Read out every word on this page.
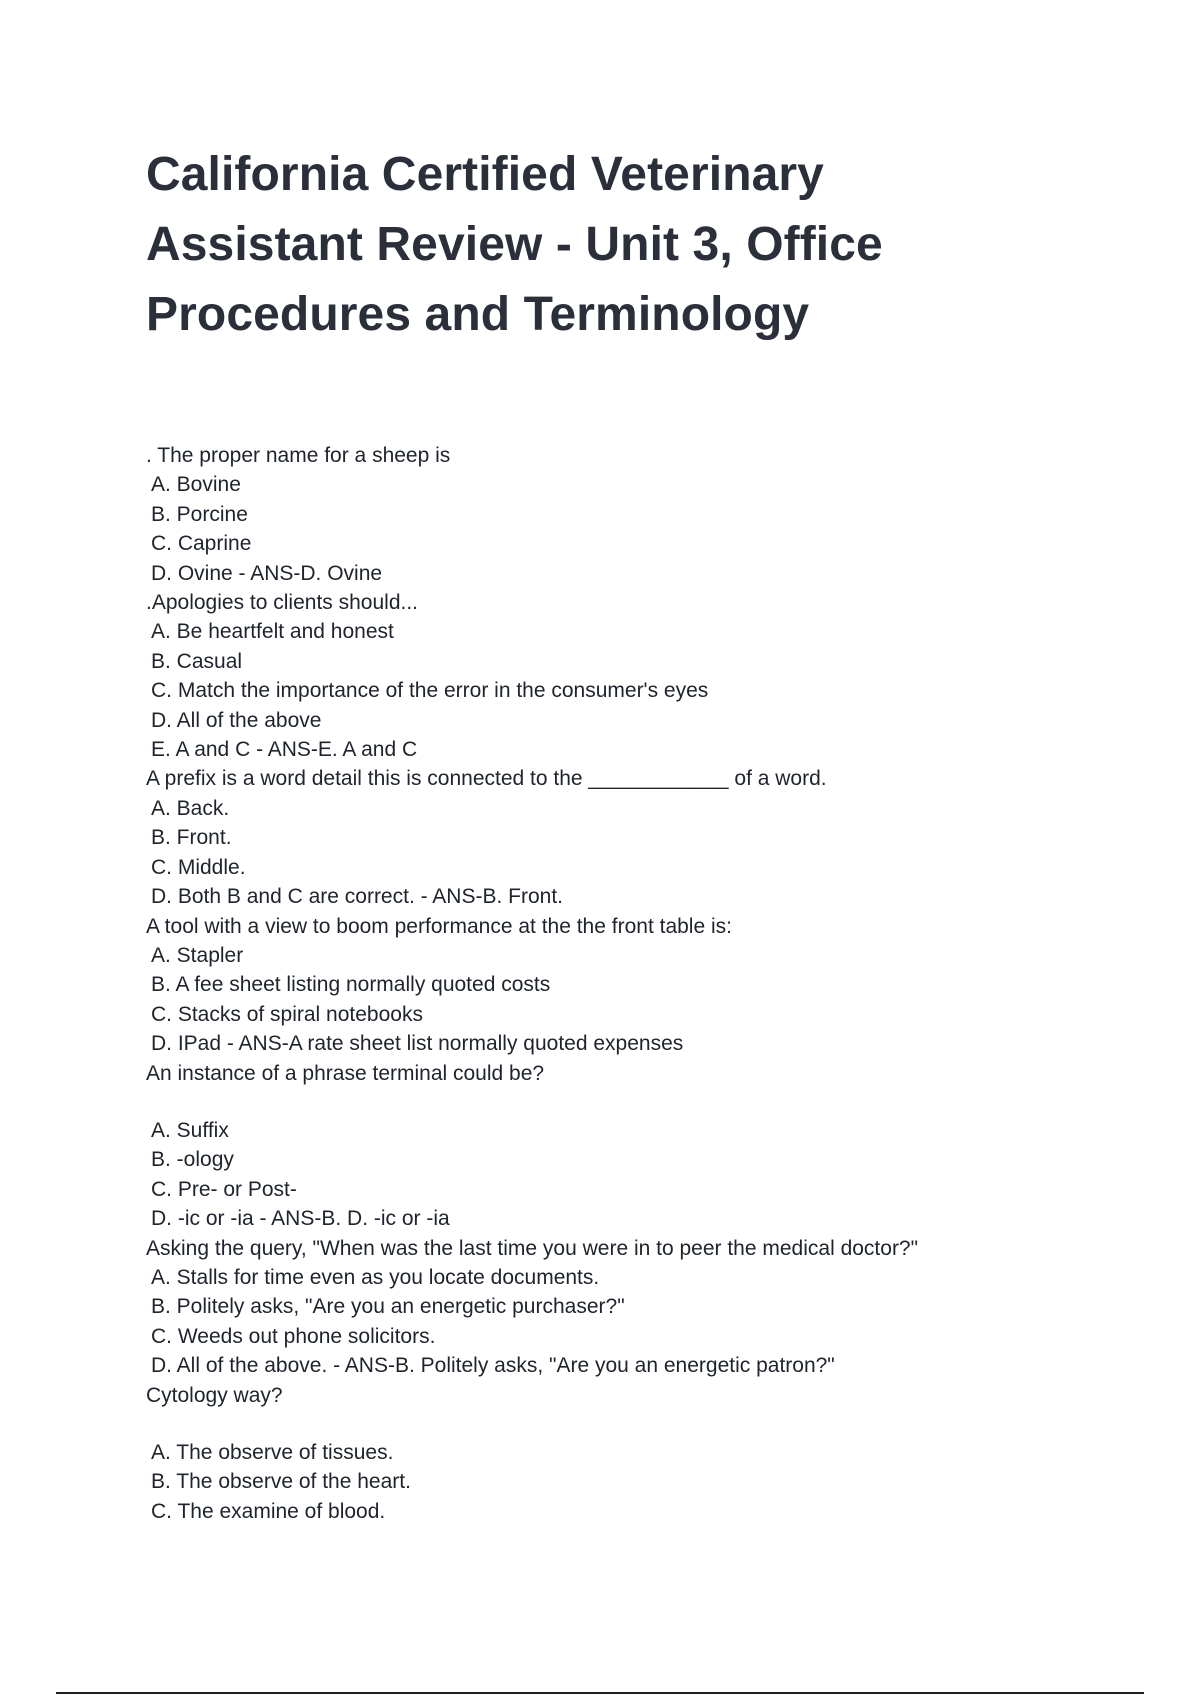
California Certified Veterinary
Assistant Review - Unit 3, Office
Procedures and Terminology
. The proper name for a sheep is
A. Bovine
B. Porcine
C. Caprine
D. Ovine - ANS-D. Ovine
.Apologies to clients should...
A. Be heartfelt and honest
B. Casual
C. Match the importance of the error in the consumer's eyes
D. All of the above
E. A and C - ANS-E. A and C
A prefix is a word detail this is connected to the ____________ of a word.
A. Back.
B. Front.
C. Middle.
D. Both B and C are correct. - ANS-B. Front.
A tool with a view to boom performance at the the front table is:
A. Stapler
B. A fee sheet listing normally quoted costs
C. Stacks of spiral notebooks
D. IPad - ANS-A rate sheet list normally quoted expenses
An instance of a phrase terminal could be?
A. Suffix
B. -ology
C. Pre- or Post-
D. -ic or -ia - ANS-B. D. -ic or -ia
Asking the query, "When was the last time you were in to peer the medical doctor?"
A. Stalls for time even as you locate documents.
B. Politely asks, "Are you an energetic purchaser?"
C. Weeds out phone solicitors.
D. All of the above. - ANS-B. Politely asks, "Are you an energetic patron?"
Cytology way?
A. The observe of tissues.
B. The observe of the heart.
C. The examine of blood.
